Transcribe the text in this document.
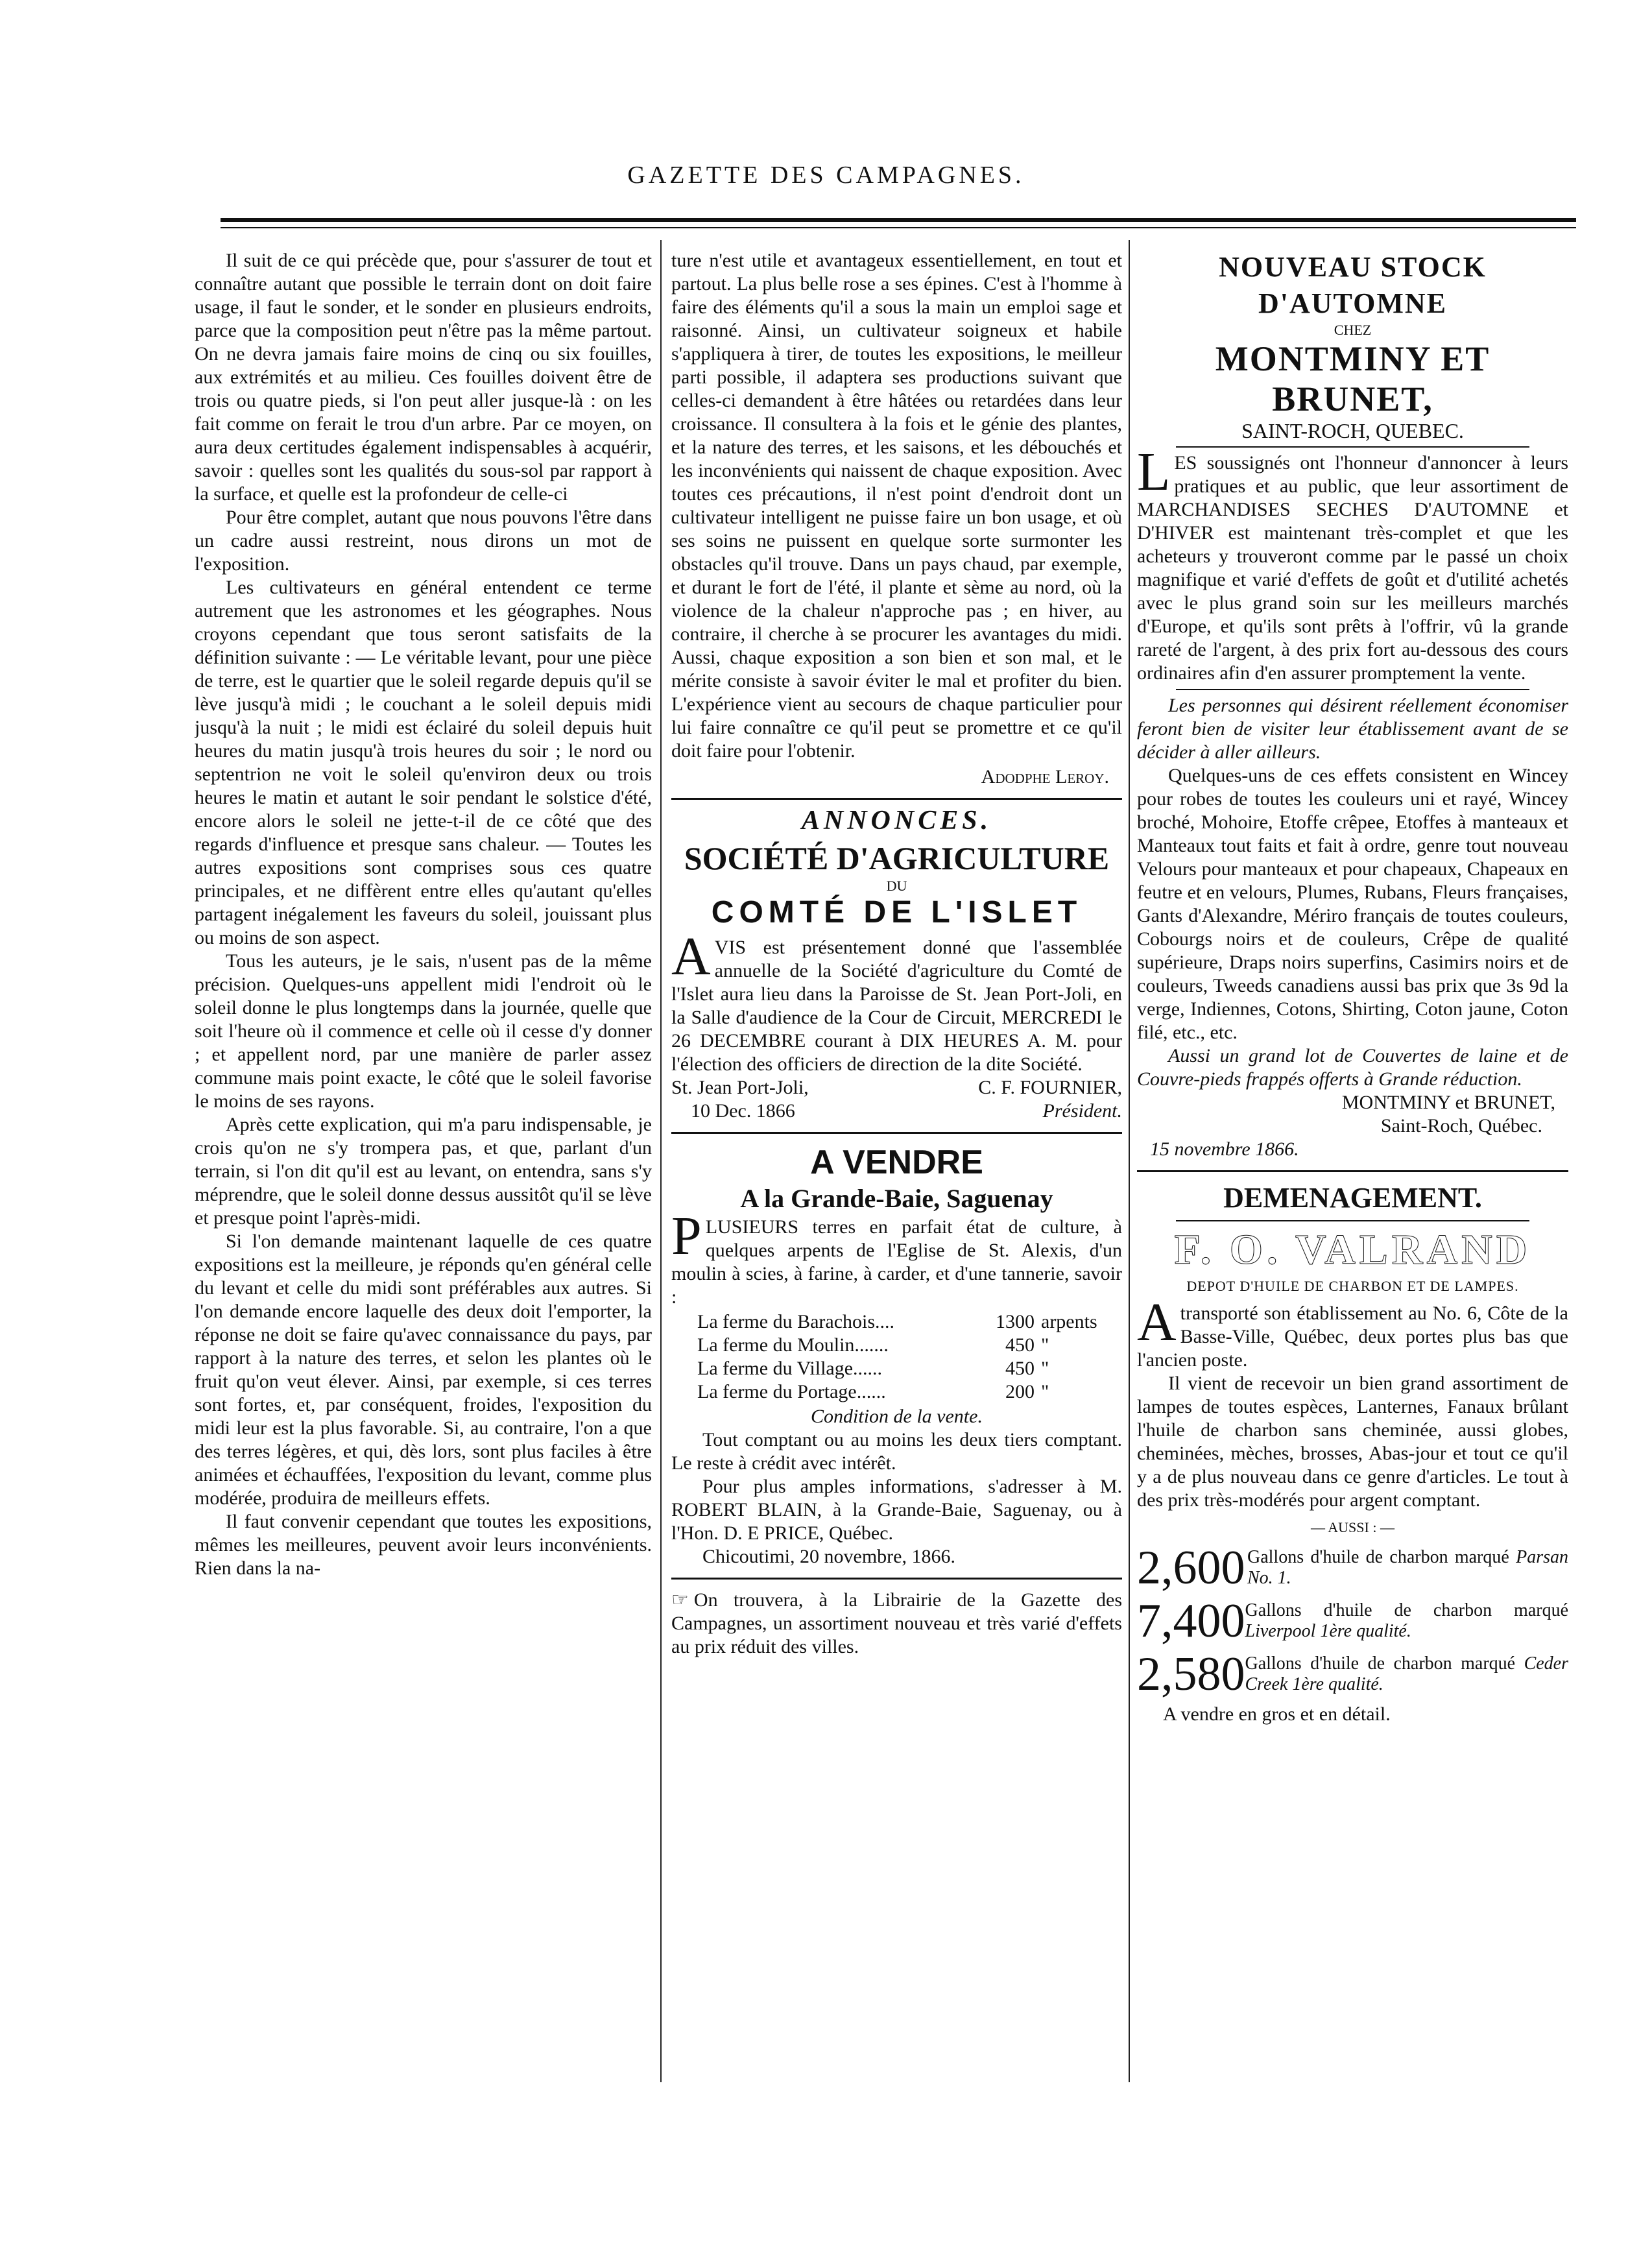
GAZETTE DES CAMPAGNES.

Il suit de ce qui précède que, pour s'assurer de tout et connaître autant que possible le terrain dont on doit faire usage, il faut le sonder, et le sonder en plusieurs endroits, parce que la composition peut n'être pas la même partout. On ne devra jamais faire moins de cinq ou six fouilles, aux extrémités et au milieu. Ces fouilles doivent être de trois ou quatre pieds, si l'on peut aller jusque-là : on les fait comme on ferait le trou d'un arbre. Par ce moyen, on aura deux certitudes également indispensables à acquérir, savoir : quelles sont les qualités du sous-sol par rapport à la surface, et quelle est la profondeur de celle-ci

Pour être complet, autant que nous pouvons l'être dans un cadre aussi restreint, nous dirons un mot de l'exposition.

Les cultivateurs en général entendent ce terme autrement que les astronomes et les géographes. Nous croyons cependant que tous seront satisfaits de la définition suivante : — Le véritable levant, pour une pièce de terre, est le quartier que le soleil regarde depuis qu'il se lève jusqu'à midi ; le couchant a le soleil depuis midi jusqu'à la nuit ; le midi est éclairé du soleil depuis huit heures du matin jusqu'à trois heures du soir ; le nord ou septentrion ne voit le soleil qu'environ deux ou trois heures le matin et autant le soir pendant le solstice d'été, encore alors le soleil ne jette-t-il de ce côté que des regards d'influence et presque sans chaleur. — Toutes les autres expositions sont comprises sous ces quatre principales, et ne diffèrent entre elles qu'autant qu'elles partagent inégalement les faveurs du soleil, jouissant plus ou moins de son aspect.

Tous les auteurs, je le sais, n'usent pas de la même précision. Quelques-uns appellent midi l'endroit où le soleil donne le plus longtemps dans la journée, quelle que soit l'heure où il commence et celle où il cesse d'y donner ; et appellent nord, par une manière de parler assez commune mais point exacte, le côté que le soleil favorise le moins de ses rayons.

Après cette explication, qui m'a paru indispensable, je crois qu'on ne s'y trompera pas, et que, parlant d'un terrain, si l'on dit qu'il est au levant, on entendra, sans s'y méprendre, que le soleil donne dessus aussitôt qu'il se lève et presque point l'après-midi.

Si l'on demande maintenant laquelle de ces quatre expositions est la meilleure, je réponds qu'en général celle du levant et celle du midi sont préférables aux autres. Si l'on demande encore laquelle des deux doit l'emporter, la réponse ne doit se faire qu'avec connaissance du pays, par rapport à la nature des terres, et selon les plantes où le fruit qu'on veut élever. Ainsi, par exemple, si ces terres sont fortes, et, par conséquent, froides, l'exposition du midi leur est la plus favorable. Si, au contraire, l'on a que des terres légères, et qui, dès lors, sont plus faciles à être animées et échauffées, l'exposition du levant, comme plus modérée, produira de meilleurs effets.

Il faut convenir cependant que toutes les expositions, mêmes les meilleures, peuvent avoir leurs inconvénients. Rien dans la na-

ture n'est utile et avantageux essentiellement, en tout et partout. La plus belle rose a ses épines. C'est à l'homme à faire des éléments qu'il a sous la main un emploi sage et raisonné. Ainsi, un cultivateur soigneux et habile s'appliquera à tirer, de toutes les expositions, le meilleur parti possible, il adaptera ses productions suivant que celles-ci demandent à être hâtées ou retardées dans leur croissance. Il consultera à la fois et le génie des plantes, et la nature des terres, et les saisons, et les débouchés et les inconvénients qui naissent de chaque exposition. Avec toutes ces précautions, il n'est point d'endroit dont un cultivateur intelligent ne puisse faire un bon usage, et où ses soins ne puissent en quelque sorte surmonter les obstacles qu'il trouve. Dans un pays chaud, par exemple, et durant le fort de l'été, il plante et sème au nord, où la violence de la chaleur n'approche pas ; en hiver, au contraire, il cherche à se procurer les avantages du midi. Aussi, chaque exposition a son bien et son mal, et le mérite consiste à savoir éviter le mal et profiter du bien. L'expérience vient au secours de chaque particulier pour lui faire connaître ce qu'il peut se promettre et ce qu'il doit faire pour l'obtenir.

Adodphe Leroy.
ANNONCES.
SOCIÉTÉ D'AGRICULTURE
DU
COMTÉ DE L'ISLET

AVIS est présentement donné que l'assemblée annuelle de la Société d'agriculture du Comté de l'Islet aura lieu dans la Paroisse de St. Jean Port-Joli, en la Salle d'audience de la Cour de Circuit, MERCREDI le 26 DECEMBRE courant à DIX HEURES A. M. pour l'élection des officiers de direction de la dite Société.

St. Jean Port-Joli,	C. F. FOURNIER,
10 Dec. 1866	Président.
A VENDRE
A la Grande-Baie, Saguenay

PLUSIEURS terres en parfait état de culture, à quelques arpents de l'Eglise de St. Alexis, d'un moulin à scies, à farine, à carder, et d'une tannerie, savoir :

La ferme du Barachois....	1300 arpents
La ferme du Moulin.......	450 "
La ferme du Village......	450 "
La ferme du Portage......	200 "
Condition de la vente.

Tout comptant ou au moins les deux tiers comptant. Le reste à crédit avec intérêt.

Pour plus amples informations, s'adresser à M. ROBERT BLAIN, à la Grande-Baie, Saguenay, ou à l'Hon. D. E PRICE, Québec.

Chicoutimi, 20 novembre, 1866.

☞ On trouvera, à la Librairie de la Gazette des Campagnes, un assortiment nouveau et très varié d'effets au prix réduit des villes.

NOUVEAU STOCK D'AUTOMNE
CHEZ
MONTMINY ET BRUNET,
SAINT-ROCH, QUEBEC.

LES soussignés ont l'honneur d'annoncer à leurs pratiques et au public, que leur assortiment de MARCHANDISES SECHES D'AUTOMNE et D'HIVER est maintenant très-complet et que les acheteurs y trouveront comme par le passé un choix magnifique et varié d'effets de goût et d'utilité achetés avec le plus grand soin sur les meilleurs marchés d'Europe, et qu'ils sont prêts à l'offrir, vû la grande rareté de l'argent, à des prix fort au-dessous des cours ordinaires afin d'en assurer promptement la vente.

Les personnes qui désirent réellement économiser feront bien de visiter leur établissement avant de se décider à aller ailleurs.

Quelques-uns de ces effets consistent en Wincey pour robes de toutes les couleurs uni et rayé, Wincey broché, Mohoire, Etoffe crêpee, Etoffes à manteaux et Manteaux tout faits et fait à ordre, genre tout nouveau Velours pour manteaux et pour chapeaux, Chapeaux en feutre et en velours, Plumes, Rubans, Fleurs françaises, Gants d'Alexandre, Mériro français de toutes couleurs, Cobourgs noirs et de couleurs, Crêpe de qualité supérieure, Draps noirs superfins, Casimirs noirs et de couleurs, Tweeds canadiens aussi bas prix que 3s 9d la verge, Indiennes, Cotons, Shirting, Coton jaune, Coton filé, etc., etc.

Aussi un grand lot de Couvertes de laine et de Couvre-pieds frappés offerts à Grande réduction.

MONTMINY et BRUNET,
Saint-Roch, Québec.
15 novembre 1866.
DEMENAGEMENT.
F. O. VALRAND
DEPOT D'HUILE DE CHARBON ET DE LAMPES.

Atransporté son établissement au No. 6, Côte de la Basse-Ville, Québec, deux portes plus bas que l'ancien poste.

Il vient de recevoir un bien grand assortiment de lampes de toutes espèces, Lanternes, Fanaux brûlant l'huile de charbon sans cheminée, aussi globes, cheminées, mèches, brosses, Abas-jour et tout ce qu'il y a de plus nouveau dans ce genre d'articles. Le tout à des prix très-modérés pour argent comptant.

— AUSSI : —
2,600 Gallons d'huile de charbon marqué Parsan No. 1.
7,400 Gallons d'huile de charbon marqué Liverpool 1ère qualité.
2,580 Gallons d'huile de charbon marqué Ceder Creek 1ère qualité.
A vendre en gros et en détail.
